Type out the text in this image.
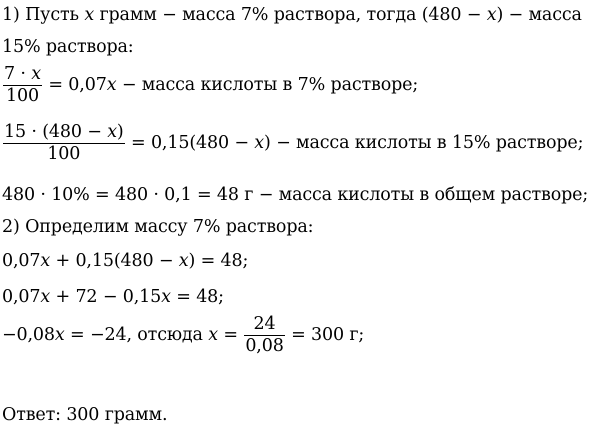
1) Пусть x грамм − масса 7% раствора, тогда (480 − x) − масса
15% раствора:
$\frac{7 \cdot x}{100} = 0,07x$ − масса кислоты в 7% растворе;
$\frac{15 \cdot (480 - x)}{100} = 0,15(480 - x)$ − масса кислоты в 15% растворе;
480 · 10% = 480 · 0,1 = 48 г − масса кислоты в общем растворе;
2) Определим массу 7% раствора:
0,07x + 0,15(480 − x) = 48;
0,07x + 72 − 0,15x = 48;
−0,08x = −24, отсюда $x = \frac{24}{0,08} = 300$ г;
Ответ: 300 грамм.
